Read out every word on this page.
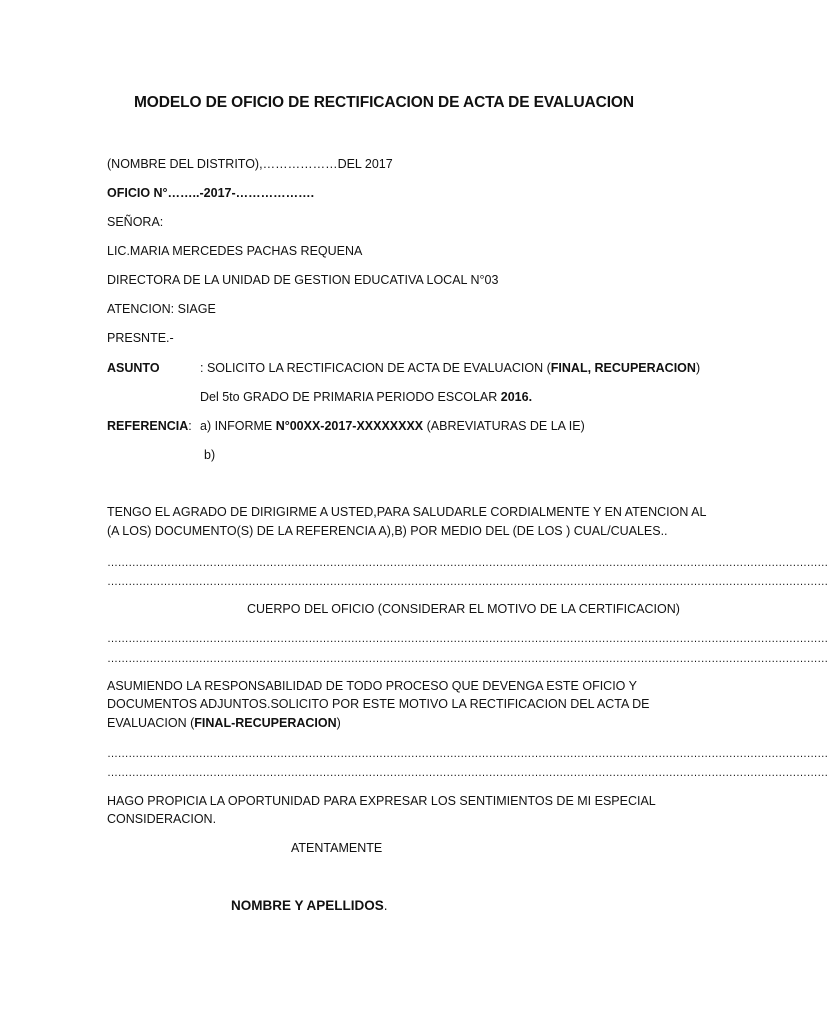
MODELO DE OFICIO DE RECTIFICACION DE ACTA DE EVALUACION
(NOMBRE DEL DISTRITO),………………DEL 2017
OFICIO N°……..-2017-……………….
SEÑORA:
LIC.MARIA MERCEDES PACHAS REQUENA
DIRECTORA DE LA UNIDAD DE GESTION EDUCATIVA LOCAL N°03
ATENCION: SIAGE
PRESNTE.-
ASUNTO	: SOLICITO LA RECTIFICACION DE ACTA DE EVALUACION (FINAL, RECUPERACION)
Del 5to GRADO DE PRIMARIA PERIODO ESCOLAR 2016.
REFERENCIA: a) INFORME N°00XX-2017-XXXXXXXX (ABREVIATURAS DE LA IE)
b)
TENGO EL AGRADO DE DIRIGIRME A USTED,PARA SALUDARLE CORDIALMENTE Y EN ATENCION AL
(A LOS) DOCUMENTO(S) DE LA REFERENCIA A),B) POR MEDIO DEL (DE LOS ) CUAL/CUALES..
……………………………………………………………………………………………………………………………………………………………………………………
……………………………………………………………………………………………………………………………………………………………………………………
CUERPO DEL OFICIO (CONSIDERAR EL MOTIVO DE LA CERTIFICACION)
……………………………………………………………………………………………………………………………………………………………………………………
……………………………………………………………………………………………………………………………………………………………………………………
ASUMIENDO LA RESPONSABILIDAD DE TODO PROCESO QUE DEVENGA ESTE OFICIO Y
DOCUMENTOS ADJUNTOS.SOLICITO POR ESTE MOTIVO LA RECTIFICACION DEL ACTA DE
EVALUACION (FINAL-RECUPERACION)
……………………………………………………………………………………………………………………………………………………………………………………
……………………………………………………………………………………………………………………………………………………………………………………
HAGO PROPICIA LA OPORTUNIDAD PARA EXPRESAR LOS SENTIMIENTOS DE MI ESPECIAL
CONSIDERACION.
ATENTAMENTE
NOMBRE Y APELLIDOS.
